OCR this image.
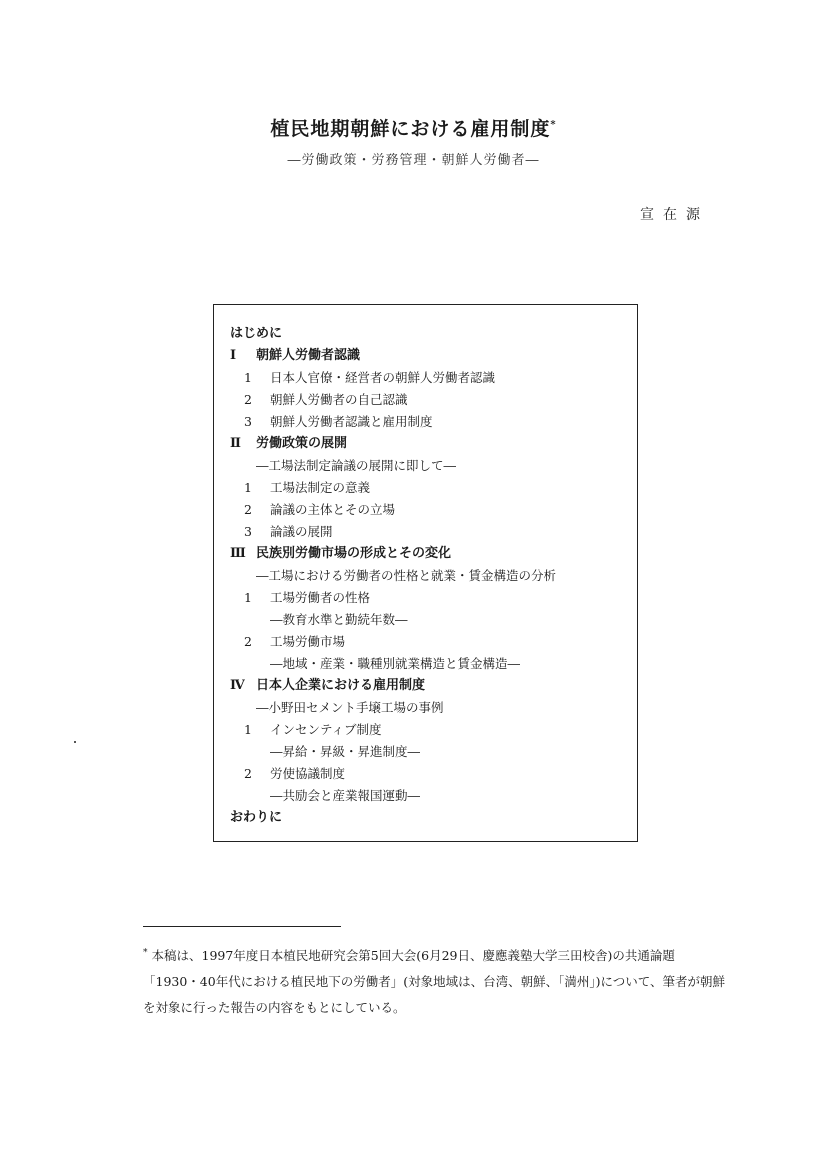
植民地期朝鮮における雇用制度*
―労働政策・労務管理・朝鮮人労働者―
宣在源
はじめに
Ⅰ 朝鮮人労働者認識
1 日本人官僚・経営者の朝鮮人労働者認識
2 朝鮮人労働者の自己認識
3 朝鮮人労働者認識と雇用制度
Ⅱ 労働政策の展開
―工場法制定論議の展開に即して―
1 工場法制定の意義
2 論議の主体とその立場
3 論議の展開
Ⅲ 民族別労働市場の形成とその変化
―工場における労働者の性格と就業・賃金構造の分析
1 工場労働者の性格
―教育水準と勤続年数―
2 工場労働市場
―地域・産業・職種別就業構造と賃金構造―
Ⅳ 日本人企業における雇用制度
―小野田セメント手壌工場の事例
1 インセンティブ制度
―昇給・昇級・昇進制度―
2 労使協議制度
―共励会と産業報国運動―
おわりに
* 本稿は、1997年度日本植民地研究会第5回大会(6月29日、慶應義塾大学三田校舎)の共通論題「1930・40年代における植民地下の労働者」(対象地域は、台湾、朝鮮、「満州」)について、筆者が朝鮮を対象に行った報告の内容をもとにしている。
